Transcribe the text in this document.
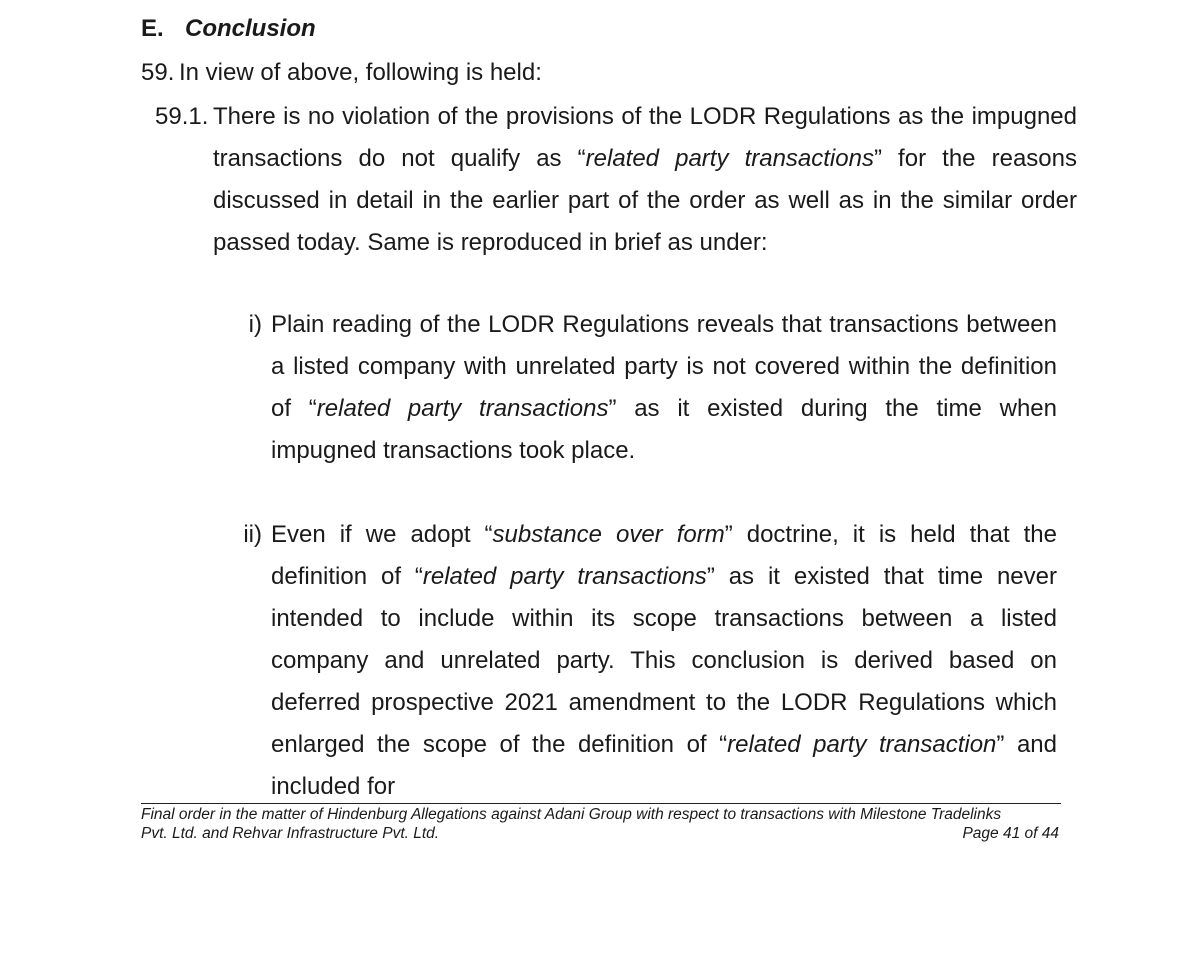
E. Conclusion
59. In view of above, following is held:
59.1. There is no violation of the provisions of the LODR Regulations as the impugned transactions do not qualify as “related party transactions” for the reasons discussed in detail in the earlier part of the order as well as in the similar order passed today. Same is reproduced in brief as under:
i) Plain reading of the LODR Regulations reveals that transactions between a listed company with unrelated party is not covered within the definition of “related party transactions” as it existed during the time when impugned transactions took place.
ii) Even if we adopt “substance over form” doctrine, it is held that the definition of “related party transactions” as it existed that time never intended to include within its scope transactions between a listed company and unrelated party. This conclusion is derived based on deferred prospective 2021 amendment to the LODR Regulations which enlarged the scope of the definition of “related party transaction” and included for
Final order in the matter of Hindenburg Allegations against Adani Group with respect to transactions with Milestone Tradelinks
Pvt. Ltd. and Rehvar Infrastructure Pvt. Ltd.	Page 41 of 44
